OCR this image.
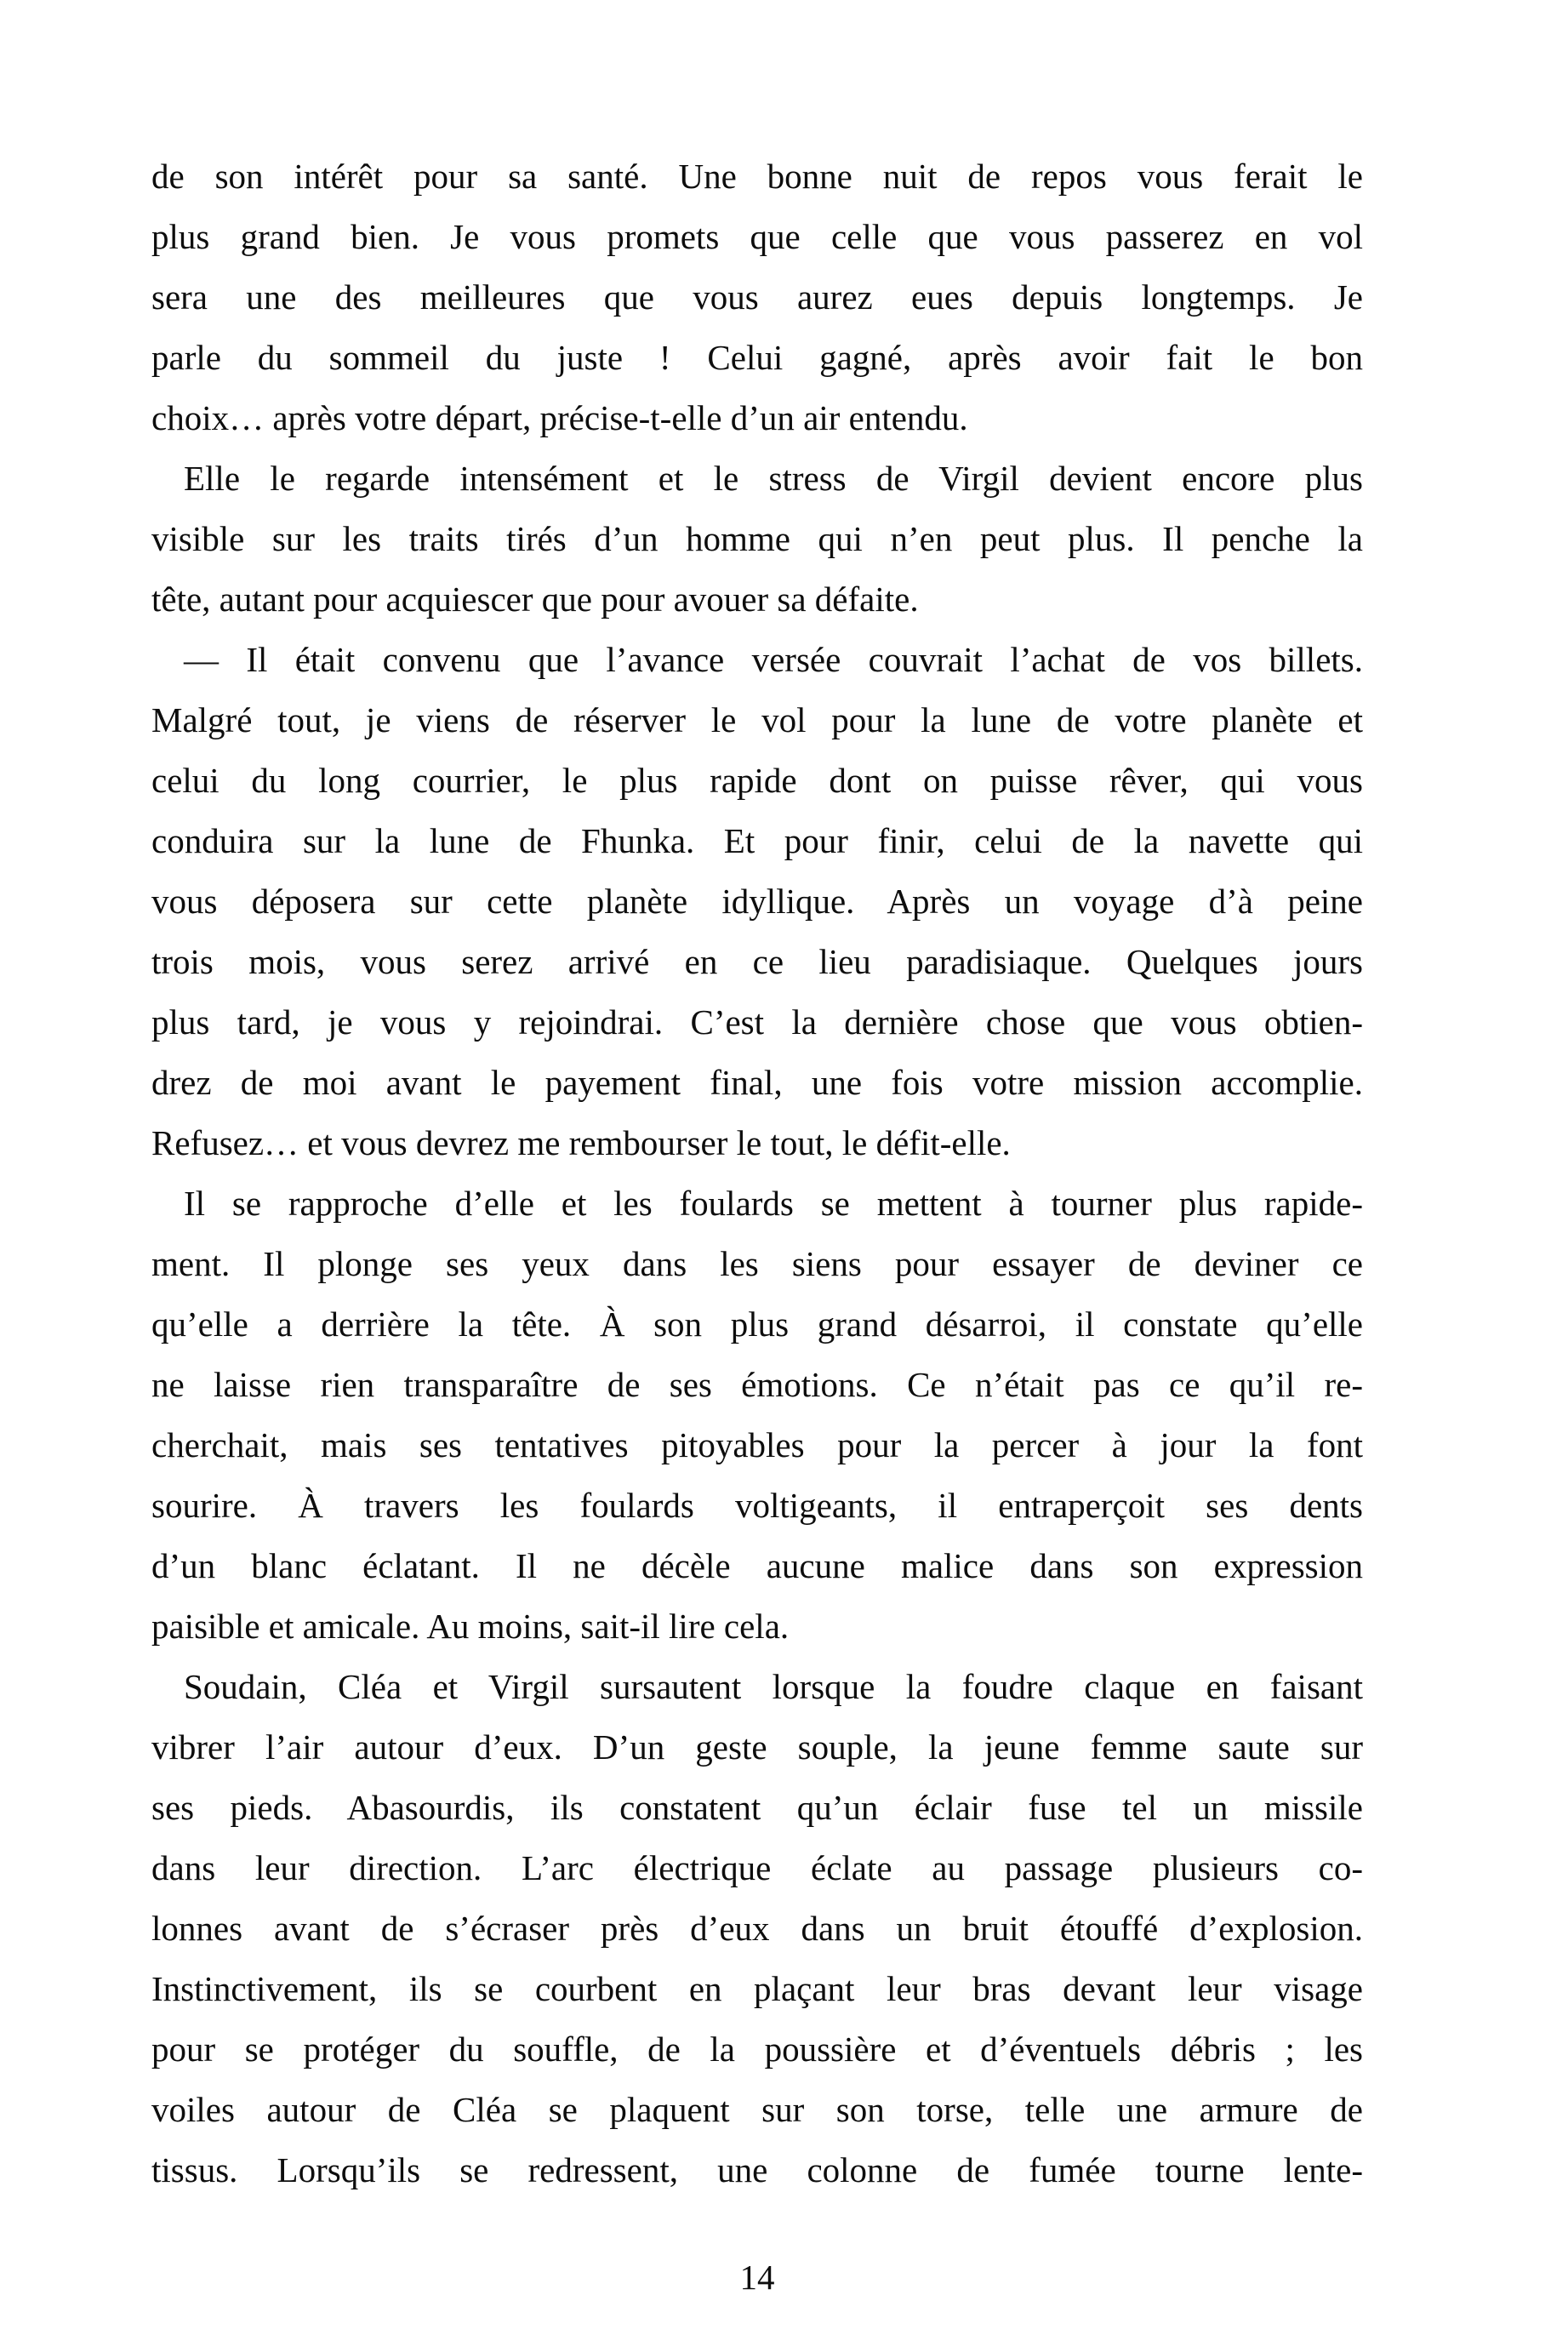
de son intérêt pour sa santé. Une bonne nuit de repos vous ferait le
plus grand bien. Je vous promets que celle que vous passerez en vol
sera une des meilleures que vous aurez eues depuis longtemps. Je
parle du sommeil du juste ! Celui gagné, après avoir fait le bon
choix… après votre départ, précise-t-elle d’un air entendu.
Elle le regarde intensément et le stress de Virgil devient encore plus
visible sur les traits tirés d’un homme qui n’en peut plus. Il penche la
tête, autant pour acquiescer que pour avouer sa défaite.
— Il était convenu que l’avance versée couvrait l’achat de vos billets.
Malgré tout, je viens de réserver le vol pour la lune de votre planète et
celui du long courrier, le plus rapide dont on puisse rêver, qui vous
conduira sur la lune de Fhunka. Et pour finir, celui de la navette qui
vous déposera sur cette planète idyllique. Après un voyage d’à peine
trois mois, vous serez arrivé en ce lieu paradisiaque. Quelques jours
plus tard, je vous y rejoindrai. C’est la dernière chose que vous obtien-
drez de moi avant le payement final, une fois votre mission accomplie.
Refusez… et vous devrez me rembourser le tout, le défit-elle.
Il se rapproche d’elle et les foulards se mettent à tourner plus rapide-
ment. Il plonge ses yeux dans les siens pour essayer de deviner ce
qu’elle a derrière la tête. À son plus grand désarroi, il constate qu’elle
ne laisse rien transparaître de ses émotions. Ce n’était pas ce qu’il re-
cherchait, mais ses tentatives pitoyables pour la percer à jour la font
sourire. À travers les foulards voltigeants, il entraperçoit ses dents
d’un blanc éclatant. Il ne décèle aucune malice dans son expression
paisible et amicale. Au moins, sait-il lire cela.
Soudain, Cléa et Virgil sursautent lorsque la foudre claque en faisant
vibrer l’air autour d’eux. D’un geste souple, la jeune femme saute sur
ses pieds. Abasourdis, ils constatent qu’un éclair fuse tel un missile
dans leur direction. L’arc électrique éclate au passage plusieurs co-
lonnes avant de s’écraser près d’eux dans un bruit étouffé d’explosion.
Instinctivement, ils se courbent en plaçant leur bras devant leur visage
pour se protéger du souffle, de la poussière et d’éventuels débris ; les
voiles autour de Cléa se plaquent sur son torse, telle une armure de
tissus. Lorsqu’ils se redressent, une colonne de fumée tourne lente-
14
